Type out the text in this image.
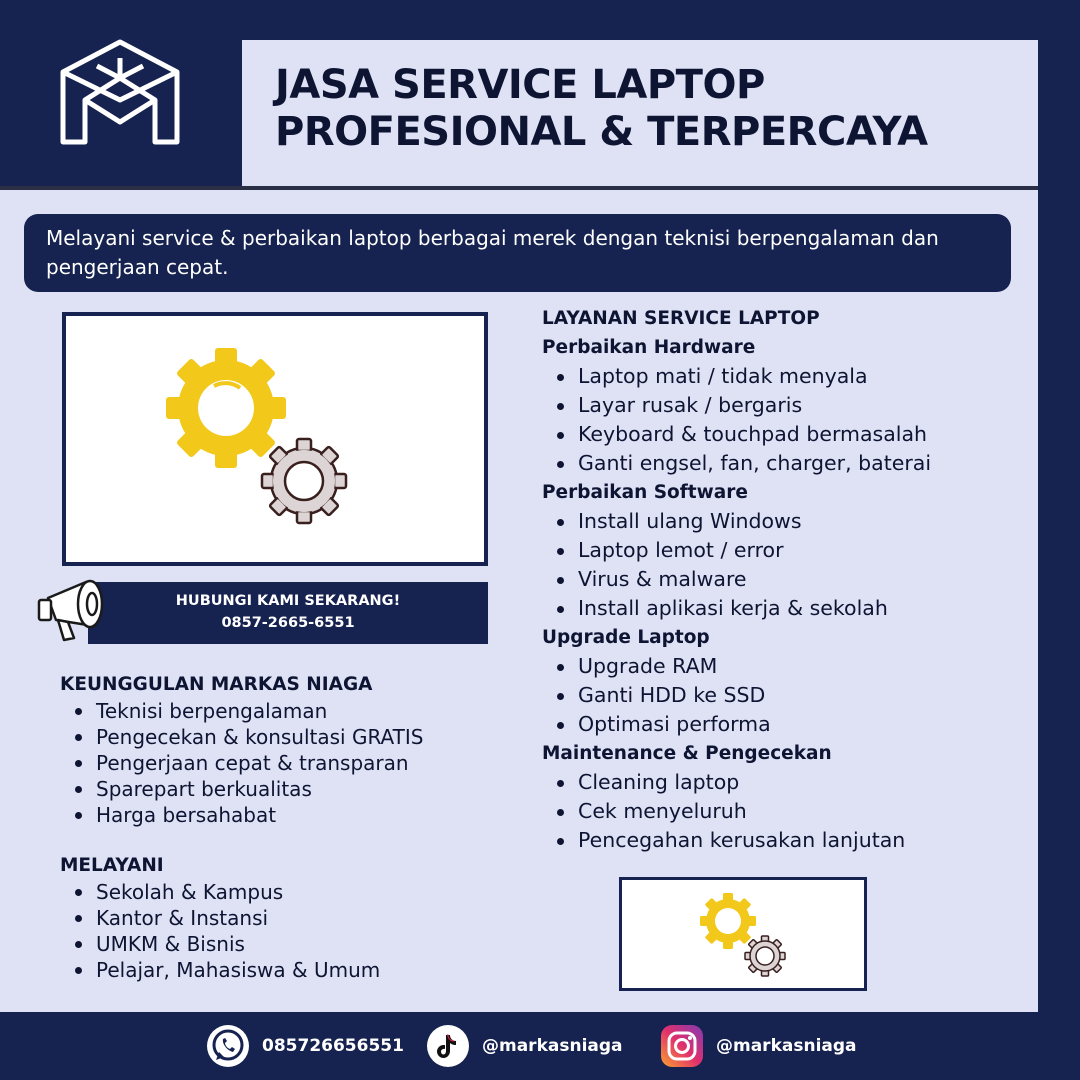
JASA SERVICE LAPTOP
PROFESIONAL & TERPERCAYA
Melayani service & perbaikan laptop berbagai merek dengan teknisi berpengalaman dan pengerjaan cepat.
HUBUNGI KAMI SEKARANG!
0857-2665-6551
KEUNGGULAN MARKAS NIAGA
Teknisi berpengalaman
Pengecekan & konsultasi GRATIS
Pengerjaan cepat & transparan
Sparepart berkualitas
Harga bersahabat
MELAYANI
Sekolah & Kampus
Kantor & Instansi
UMKM & Bisnis
Pelajar, Mahasiswa & Umum
LAYANAN SERVICE LAPTOP
Perbaikan Hardware
Laptop mati / tidak menyala
Layar rusak / bergaris
Keyboard & touchpad bermasalah
Ganti engsel, fan, charger, baterai
Perbaikan Software
Install ulang Windows
Laptop lemot / error
Virus & malware
Install aplikasi kerja & sekolah
Upgrade Laptop
Upgrade RAM
Ganti HDD ke SSD
Optimasi performa
Maintenance & Pengecekan
Cleaning laptop
Cek menyeluruh
Pencegahan kerusakan lanjutan
085726656551	@markasniaga	@markasniaga
